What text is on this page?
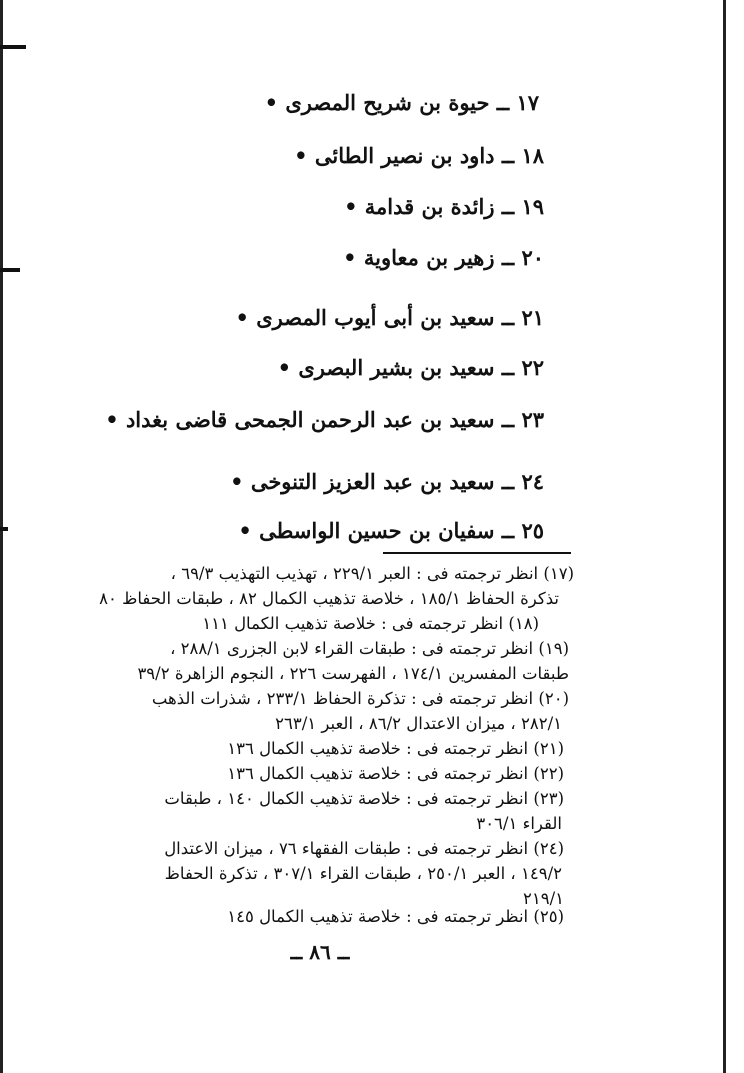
١٧ ــ حيوة بن شريح المصرى •
١٨ ــ داود بن نصير الطائى •
١٩ ــ زائدة بن قدامة •
٢٠ ــ زهير بن معاوية •
٢١ ــ سعيد بن أبى أيوب المصرى •
٢٢ ــ سعيد بن بشير البصرى •
٢٣ ــ سعيد بن عبد الرحمن الجمحى قاضى بغداد •
٢٤ ــ سعيد بن عبد العزيز التنوخى •
٢٥ ــ سفيان بن حسين الواسطى •
(١٧) انظر ترجمته فى : العبر ٢٢٩/١ ، تهذيب التهذيب ٦٩/٣ ،
تذكرة الحفاظ ١٨٥/١ ، خلاصة تذهيب الكمال ٨٢ ، طبقات الحفاظ ٨٠
(١٨) انظر ترجمته فى : خلاصة تذهيب الكمال ١١١
(١٩) انظر ترجمته فى : طبقات القراء لابن الجزرى ٢٨٨/١ ،
طبقات المفسرين ١٧٤/١ ، الفهرست ٢٢٦ ، النجوم الزاهرة ٣٩/٢
(٢٠) انظر ترجمته فى : تذكرة الحفاظ ٢٣٣/١ ، شذرات الذهب
٢٨٢/١ ، ميزان الاعتدال ٨٦/٢ ، العبر ٢٦٣/١
(٢١) انظر ترجمته فى : خلاصة تذهيب الكمال ١٣٦
(٢٢) انظر ترجمته فى : خلاصة تذهيب الكمال ١٣٦
(٢٣) انظر ترجمته فى : خلاصة تذهيب الكمال ١٤٠ ، طبقات
القراء ٣٠٦/١
(٢٤) انظر ترجمته فى : طبقات الفقهاء ٧٦ ، ميزان الاعتدال
١٤٩/٢ ، العبر ٢٥٠/١ ، طبقات القراء ٣٠٧/١ ، تذكرة الحفاظ
٢١٩/١
(٢٥) انظر ترجمته فى : خلاصة تذهيب الكمال ١٤٥
ــ ٨٦ ــ
